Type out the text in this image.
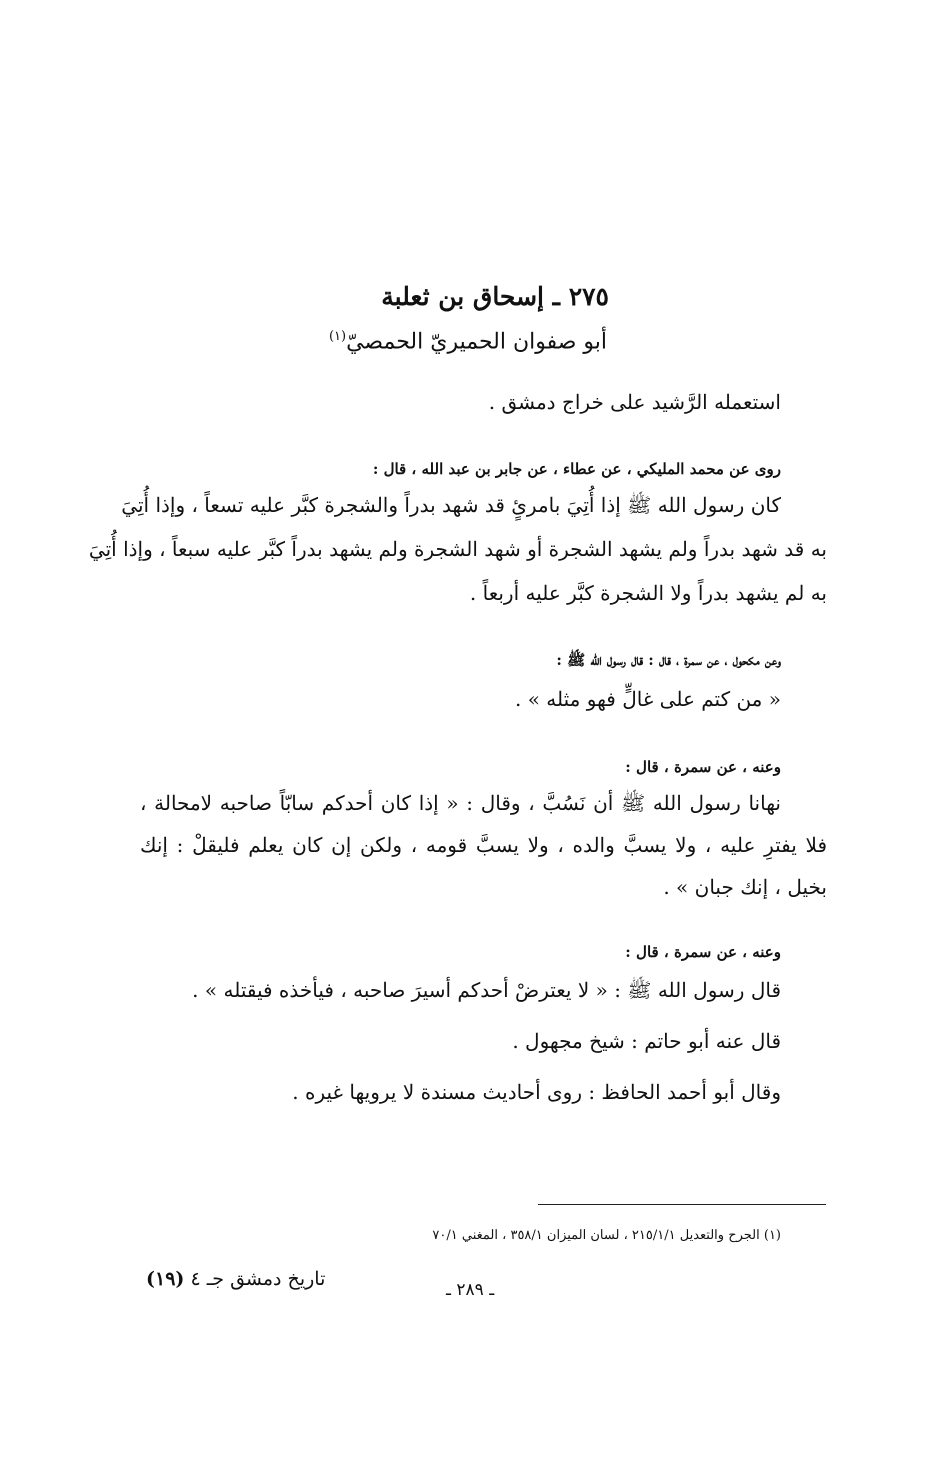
٢٧٥ ـ إسحاق بن ثعلبة
أبو صفوان الحميريّ الحمصيّ$^{(١)}$
استعمله الرَّشيد على خراج دمشق .
روى عن محمد المليكي ، عن عطاء ، عن جابر بن عبد الله ، قال :
كان رسول الله ﷺ إذا أُتِيَ بامرئٍ قد شهد بدراً والشجرة كبَّر عليه تسعاً ، وإذا أُتِيَ
به قد شهد بدراً ولم يشهد الشجرة أو شهد الشجرة ولم يشهد بدراً كبَّر عليه سبعاً ، وإذا أُتِيَ
به لم يشهد بدراً ولا الشجرة كبَّر عليه أربعاً .
وعن مكحول ، عن سمرة ، قال : قال رسول الله ﷺ :
« من كتم على غالٍّ فهو مثله » .
وعنه ، عن سمرة ، قال :
نهانا رسول الله ﷺ أن نَسُبَّ ، وقال : « إذا كان أحدكم سابّاً صاحبه لامحالة ،
فلا يفترِ عليه ، ولا يسبَّ والده ، ولا يسبَّ قومه ، ولكن إن كان يعلم فليقلْ : إنك
بخيل ، إنك جبان » .
وعنه ، عن سمرة ، قال :
قال رسول الله ﷺ : « لا يعترضْ أحدكم أسيرَ صاحبه ، فيأخذه فيقتله » .
قال عنه أبو حاتم : شيخ مجهول .
وقال أبو أحمد الحافظ : روى أحاديث مسندة لا يرويها غيره .
(١) الجرح والتعديل ٢١٥/١/١ ، لسان الميزان ٣٥٨/١ ، المغني ٧٠/١
ـ ٢٨٩ ـ
تاريخ دمشق جـ ٤ (١٩)
